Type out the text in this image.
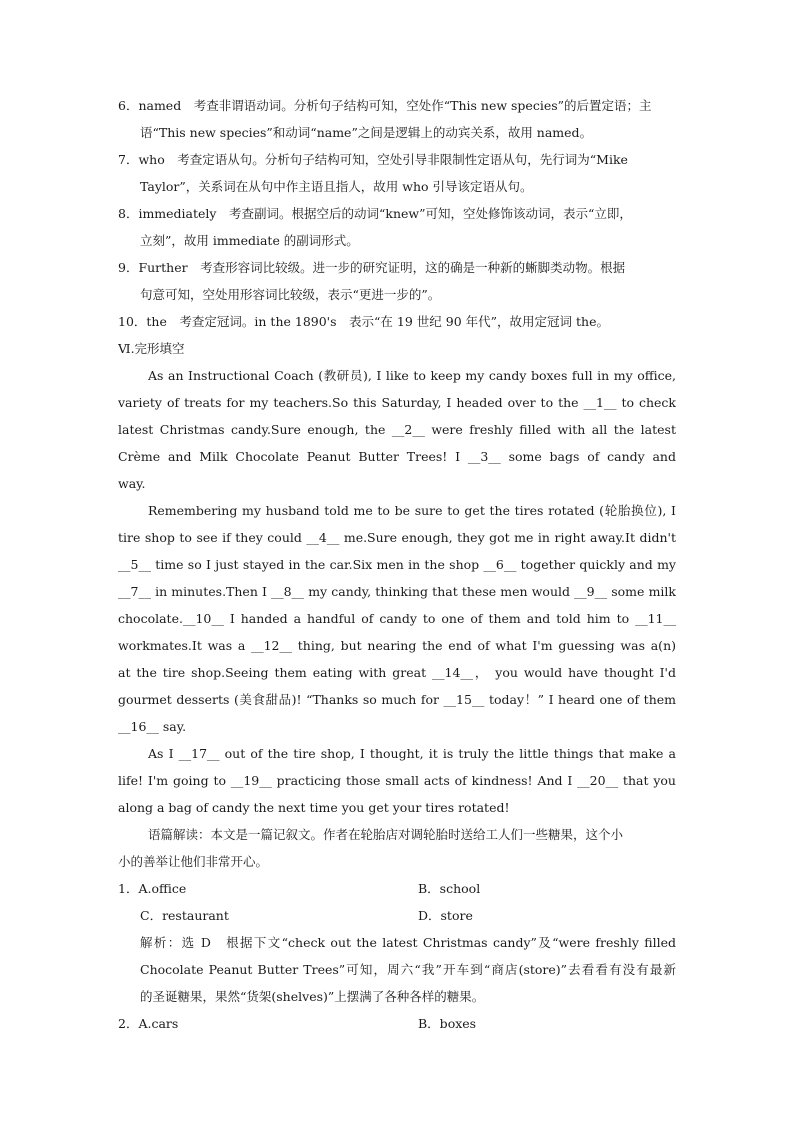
6．named　 考查非谓语动词。分析句子结构可知，空处作“This new species”的后置定语；主
语“This new species”和动词“name”之间是逻辑上的动宾关系，故用 named。
7．who　 考查定语从句。分析句子结构可知，空处引导非限制性定语从句，先行词为“Mike
Taylor”，关系词在从句中作主语且指人，故用 who 引导该定语从句。
8．immediately　 考查副词。根据空后的动词“knew”可知，空处修饰该动词，表示“立即，
立刻”，故用 immediate 的副词形式。
9．Further　 考查形容词比较级。进一步的研究证明，这的确是一种新的蜥脚类动物。根据
句意可知，空处用形容词比较级，表示“更进一步的”。
10．the　 考查定冠词。in the 1890's　表示“在 19 世纪 90 年代”，故用定冠词 the。
Ⅵ.完形填空
As an Instructional Coach (教研员), I like to keep my candy boxes full in my office,
variety of treats for my teachers.So this Saturday, I headed over to the __1__ to check
latest Christmas candy.Sure enough, the __2__ were freshly filled with all the latest
Crème and Milk Chocolate Peanut Butter Trees! I __3__ some bags of candy and
way.
Remembering my husband told me to be sure to get the tires rotated (轮胎换位), I
tire shop to see if they could __4__ me.Sure enough, they got me in right away.It didn't
__5__ time so I just stayed in the car.Six men in the shop __6__ together quickly and my
__7__ in minutes.Then I __8__ my candy, thinking that these men would __9__ some milk
chocolate.__10__ I handed a handful of candy to one of them and told him to __11__
workmates.It was a __12__ thing, but nearing the end of what I'm guessing was a(n)
at the tire shop.Seeing them eating with great __14__， you would have thought I'd
gourmet desserts (美食甜品)! “Thanks so much for __15__ today！” I heard one of them
__16__ say.
As I __17__ out of the tire shop, I thought, it is truly the little things that make a
life! I'm going to __19__ practicing those small acts of kindness! And I __20__ that you
along a bag of candy the next time you get your tires rotated!
语篇解读：本文是一篇记叙文。作者在轮胎店对调轮胎时送给工人们一些糖果，这个小
小的善举让他们非常开心。
1．A.office	B．school
C．restaurant	D．store
解析：选 D　根据下文“check out the latest Christmas candy”及“were freshly filled
Chocolate Peanut Butter Trees”可知，周六“我”开车到“商店(store)”去看看有没有最新
的圣诞糖果，果然“货架(shelves)”上摆满了各种各样的糖果。
2．A.cars	B．boxes
